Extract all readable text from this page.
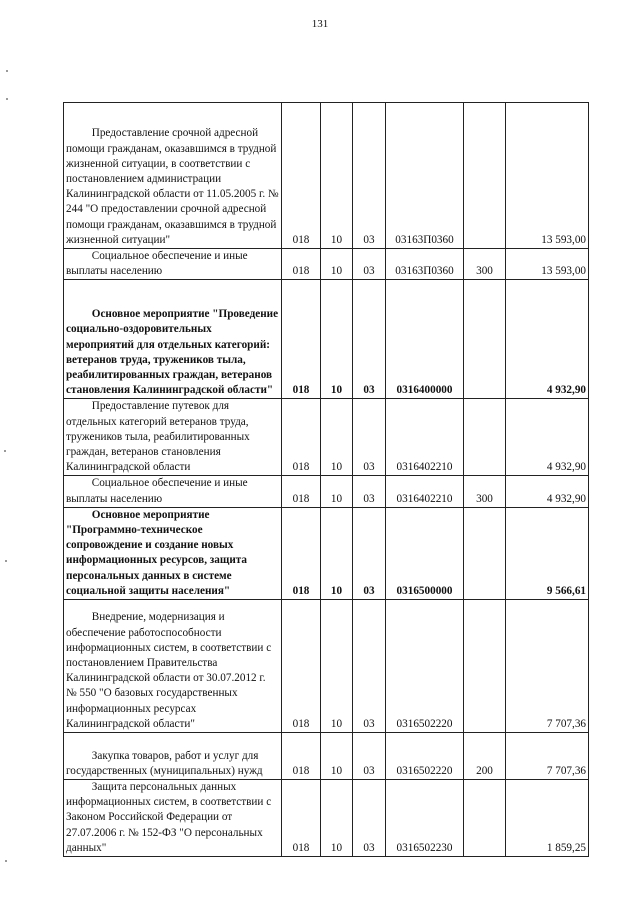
131
Предоставление срочной адресной помощи гражданам, оказавшимся в трудной жизненной ситуации, в соответствии с постановлением администрации Калининградской области от 11.05.2005 г. № 244 "О предоставлении срочной адресной помощи гражданам, оказавшимся в трудной жизненной ситуации"	018	10	03	03163П0360		13 593,00

Социальное обеспечение и иные выплаты населению	018	10	03	03163П0360	300	13 593,00

Основное мероприятие "Проведение социально-оздоровительных мероприятий для отдельных категорий: ветеранов труда, тружеников тыла, реабилитированных граждан, ветеранов становления Калининградской области"	018	10	03	0316400000		4 932,90

Предоставление путевок для отдельных категорий ветеранов труда, тружеников тыла, реабилитированных граждан, ветеранов становления Калининградской области	018	10	03	0316402210		4 932,90

Социальное обеспечение и иные выплаты населению	018	10	03	0316402210	300	4 932,90

Основное мероприятие "Программно-техническое сопровождение и создание новых информационных ресурсов, защита персональных данных в системе социальной защиты населения"	018	10	03	0316500000		9 566,61

Внедрение, модернизация и обеспечение работоспособности информационных систем, в соответствии с постановлением Правительства Калининградской области от 30.07.2012 г. № 550 "О базовых государственных информационных ресурсах Калининградской области"	018	10	03	0316502220		7 707,36

Закупка товаров, работ и услуг для государственных (муниципальных) нужд	018	10	03	0316502220	200	7 707,36

Защита персональных данных информационных систем, в соответствии с Законом Российской Федерации от 27.07.2006 г. № 152-ФЗ "О персональных данных"	018	10	03	0316502230		1 859,25
